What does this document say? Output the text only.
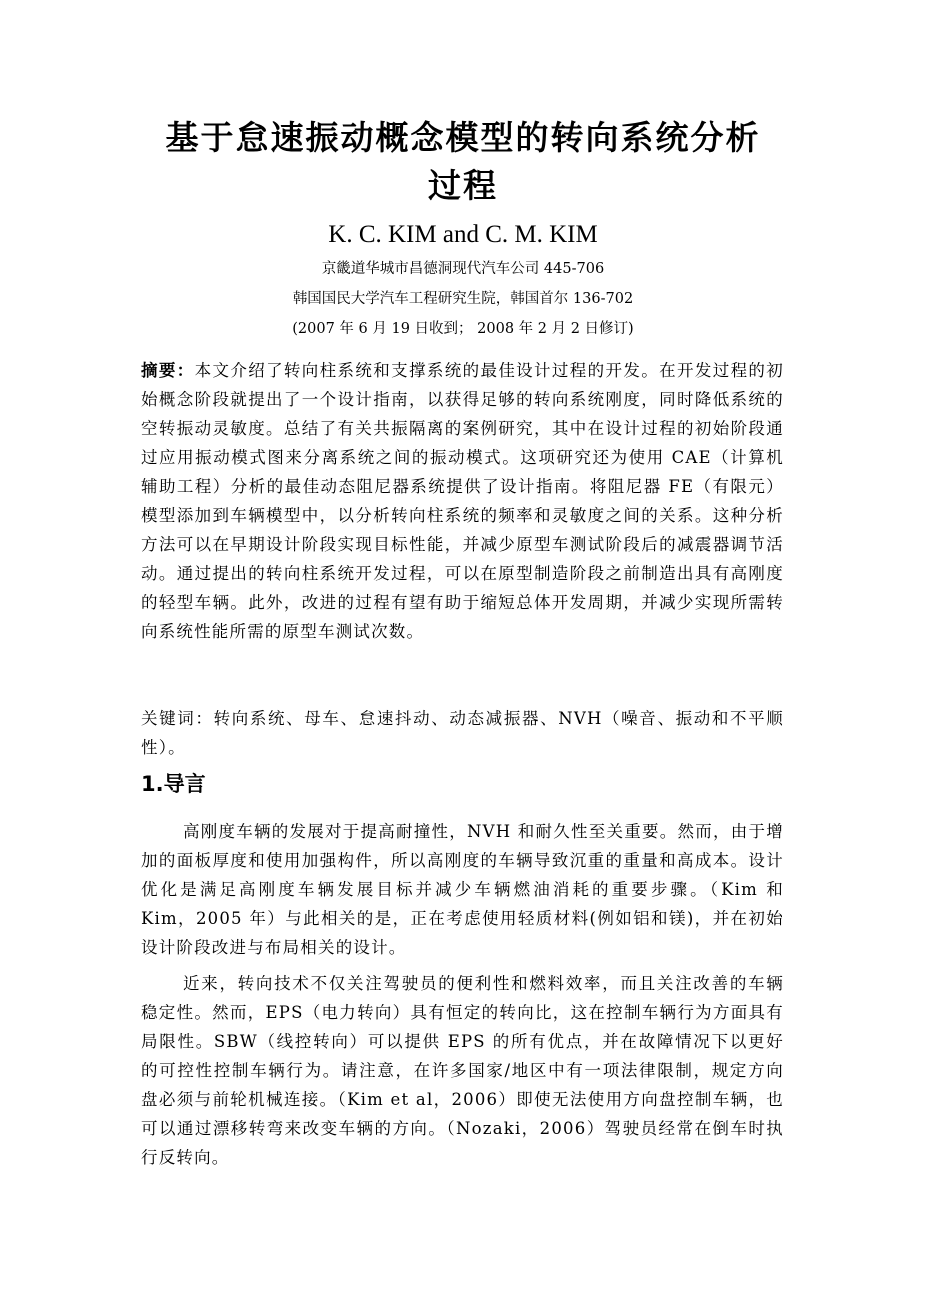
基于怠速振动概念模型的转向系统分析
过程
K. C. KIM and C. M. KIM
京畿道华城市昌德洞现代汽车公司 445-706
韩国国民大学汽车工程研究生院，韩国首尔 136-702
(2007 年 6 月 19 日收到； 2008 年 2 月 2 日修订)

摘要：本文介绍了转向柱系统和支撑系统的最佳设计过程的开发。在开发过程的初始概念阶段就提出了一个设计指南，以获得足够的转向系统刚度，同时降低系统的空转振动灵敏度。总结了有关共振隔离的案例研究，其中在设计过程的初始阶段通过应用振动模式图来分离系统之间的振动模式。这项研究还为使用 CAE（计算机辅助工程）分析的最佳动态阻尼器系统提供了设计指南。将阻尼器 FE（有限元）模型添加到车辆模型中，以分析转向柱系统的频率和灵敏度之间的关系。这种分析方法可以在早期设计阶段实现目标性能，并减少原型车测试阶段后的减震器调节活动。通过提出的转向柱系统开发过程，可以在原型制造阶段之前制造出具有高刚度的轻型车辆。此外，改进的过程有望有助于缩短总体开发周期，并减少实现所需转向系统性能所需的原型车测试次数。

关键词：转向系统、母车、怠速抖动、动态减振器、NVH（噪音、振动和不平顺性）。

1.导言

高刚度车辆的发展对于提高耐撞性，NVH 和耐久性至关重要。然而，由于增加的面板厚度和使用加强构件，所以高刚度的车辆导致沉重的重量和高成本。设计优化是满足高刚度车辆发展目标并减少车辆燃油消耗的重要步骤。（Kim 和 Kim，2005 年）与此相关的是，正在考虑使用轻质材料(例如铝和镁)，并在初始设计阶段改进与布局相关的设计。

近来，转向技术不仅关注驾驶员的便利性和燃料效率，而且关注改善的车辆稳定性。然而，EPS（电力转向）具有恒定的转向比，这在控制车辆行为方面具有局限性。SBW（线控转向）可以提供 EPS 的所有优点，并在故障情况下以更好的可控性控制车辆行为。请注意，在许多国家/地区中有一项法律限制，规定方向盘必须与前轮机械连接。（Kim et al，2006）即使无法使用方向盘控制车辆，也可以通过漂移转弯来改变车辆的方向。（Nozaki，2006）驾驶员经常在倒车时执行反转向。
